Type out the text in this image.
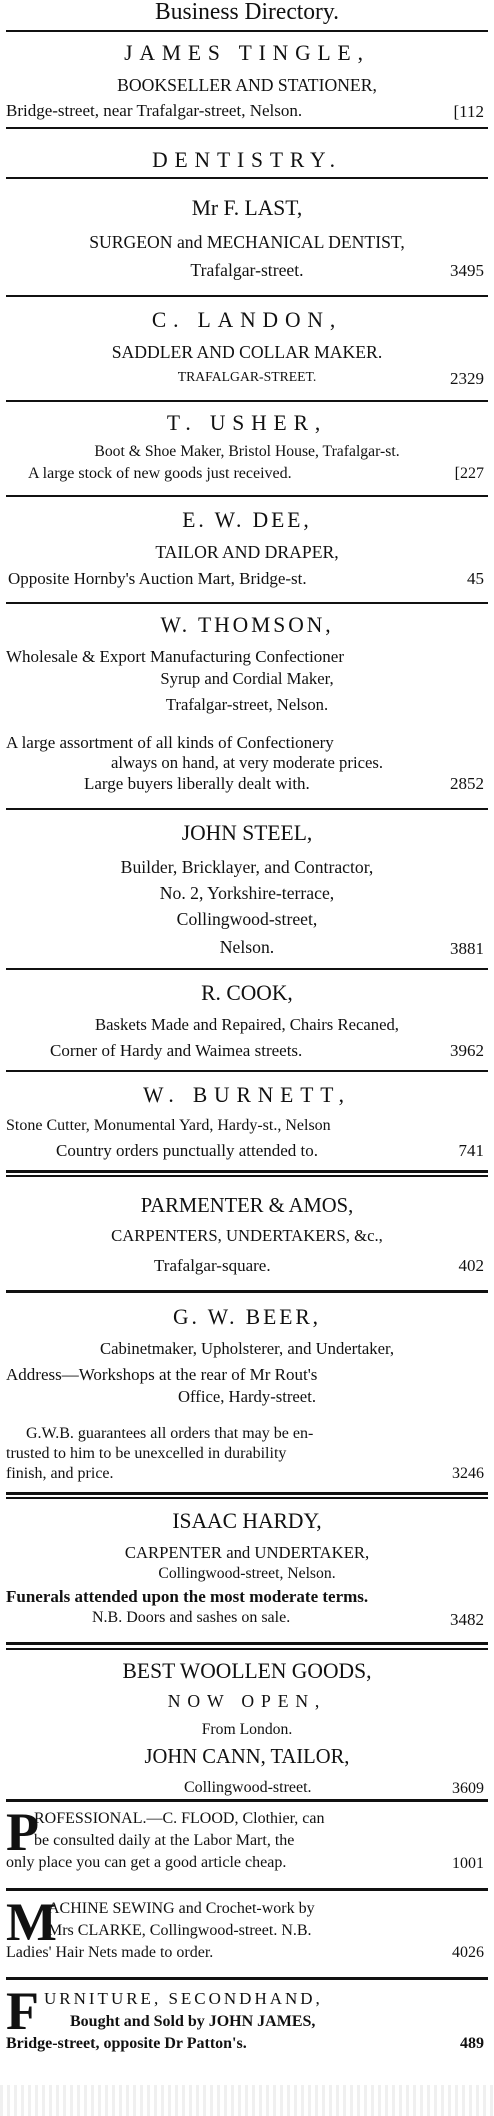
Business Directory.
JAMES TINGLE,
BOOKSELLER AND STATIONER,
Bridge-street, near Trafalgar-street, Nelson.	[112
DENTISTRY.
Mr F. LAST,
SURGEON and MECHANICAL DENTIST,
Trafalgar-street.	3495
C. LANDON,
SADDLER AND COLLAR MAKER.
TRAFALGAR-STREET.	2329
T. USHER,
Boot & Shoe Maker, Bristol House, Trafalgar-st.
A large stock of new goods just received.	[227
E. W. DEE,
TAILOR AND DRAPER,
Opposite Hornby's Auction Mart, Bridge-st.	45
W. THOMSON,
Wholesale & Export Manufacturing Confectioner
Syrup and Cordial Maker,
Trafalgar-street, Nelson.
A large assortment of all kinds of Confectionery
always on hand, at very moderate prices.
Large buyers liberally dealt with.	2852
JOHN STEEL,
Builder, Bricklayer, and Contractor,
No. 2, Yorkshire-terrace,
Collingwood-street,
Nelson.	3881
R. COOK,
Baskets Made and Repaired, Chairs Recaned,
Corner of Hardy and Waimea streets.	3962
W. BURNETT,
Stone Cutter, Monumental Yard, Hardy-st., Nelson
Country orders punctually attended to.	741
PARMENTER & AMOS,
CARPENTERS, UNDERTAKERS, &c.,
Trafalgar-square.	402
G. W. BEER,
Cabinetmaker, Upholsterer, and Undertaker,
Address—Workshops at the rear of Mr Rout's
Office, Hardy-street.
G.W.B. guarantees all orders that may be en-
trusted to him to be unexcelled in durability
finish, and price.	3246
ISAAC HARDY,
CARPENTER and UNDERTAKER,
Collingwood-street, Nelson.
Funerals attended upon the most moderate terms.
N.B. Doors and sashes on sale.	3482
BEST WOOLLEN GOODS,
NOW OPEN,
From London.
JOHN CANN, TAILOR,
Collingwood-street.	3609
P
ROFESSIONAL.—C. FLOOD, Clothier, can
be consulted daily at the Labor Mart, the
only place you can get a good article cheap.	1001
M
ACHINE SEWING and Crochet-work by
Mrs CLARKE, Collingwood-street. N.B.
Ladies' Hair Nets made to order.	4026
F URNITURE, SECONDHAND,
Bought and Sold by JOHN JAMES,
Bridge-street, opposite Dr Patton's.	489
